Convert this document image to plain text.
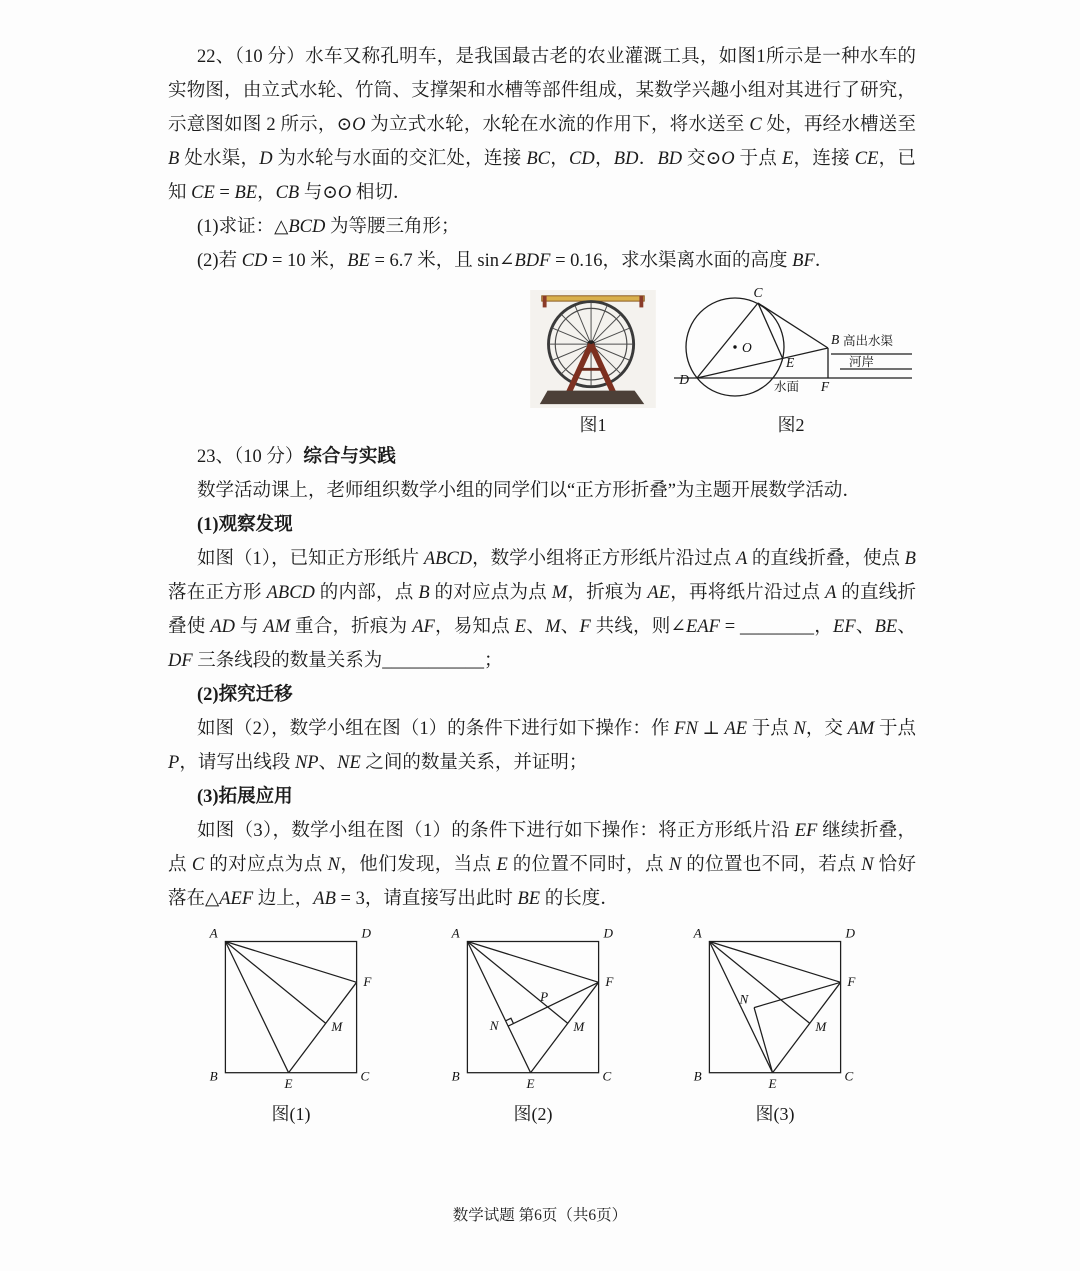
22、（10 分）水车又称孔明车，是我国最古老的农业灌溉工具，如图1所示是一种水车的实物图，由立式水轮、竹筒、支撑架和水槽等部件组成，某数学兴趣小组对其进行了研究，示意图如图 2 所示，⊙O 为立式水轮，水轮在水流的作用下，将水送至 C 处，再经水槽送至 B 处水渠，D 为水轮与水面的交汇处，连接 BC，CD，BD．BD 交⊙O 于点 E，连接 CE，已知 CE = BE，CB 与⊙O 相切．

(1)求证：△BCD 为等腰三角形；

(2)若 CD = 10 米，BE = 6.7 米，且 sin∠BDF = 0.16，求水渠离水面的高度 BF．

图1
C
O
E
B
D	F
高出水渠
河岸
水面
图2

23、（10 分）综合与实践

数学活动课上，老师组织数学小组的同学们以“正方形折叠”为主题开展数学活动．

(1)观察发现

如图（1），已知正方形纸片 ABCD，数学小组将正方形纸片沿过点 A 的直线折叠，使点 B 落在正方形 ABCD 的内部，点 B 的对应点为点 M，折痕为 AE，再将纸片沿过点 A 的直线折叠使 AD 与 AM 重合，折痕为 AF，易知点 E、M、F 共线，则∠EAF = ________，EF、BE、DF 三条线段的数量关系为___________；

(2)探究迁移

如图（2），数学小组在图（1）的条件下进行如下操作：作 FN ⊥ AE 于点 N，交 AM 于点 P，请写出线段 NP、NE 之间的数量关系，并证明；

(3)拓展应用

如图（3），数学小组在图（1）的条件下进行如下操作：将正方形纸片沿 EF 继续折叠，点 C 的对应点为点 N，他们发现，当点 E 的位置不同时，点 N 的位置也不同，若点 N 恰好落在△AEF 边上，AB = 3，请直接写出此时 BE 的长度．

A	D
B	C
E
F
M
图(1)
A	D
B	C
E
F
M
N
P
图(2)
A	D
B	C
E
F
M
N
图(3)
数学试题 第6页（共6页）
